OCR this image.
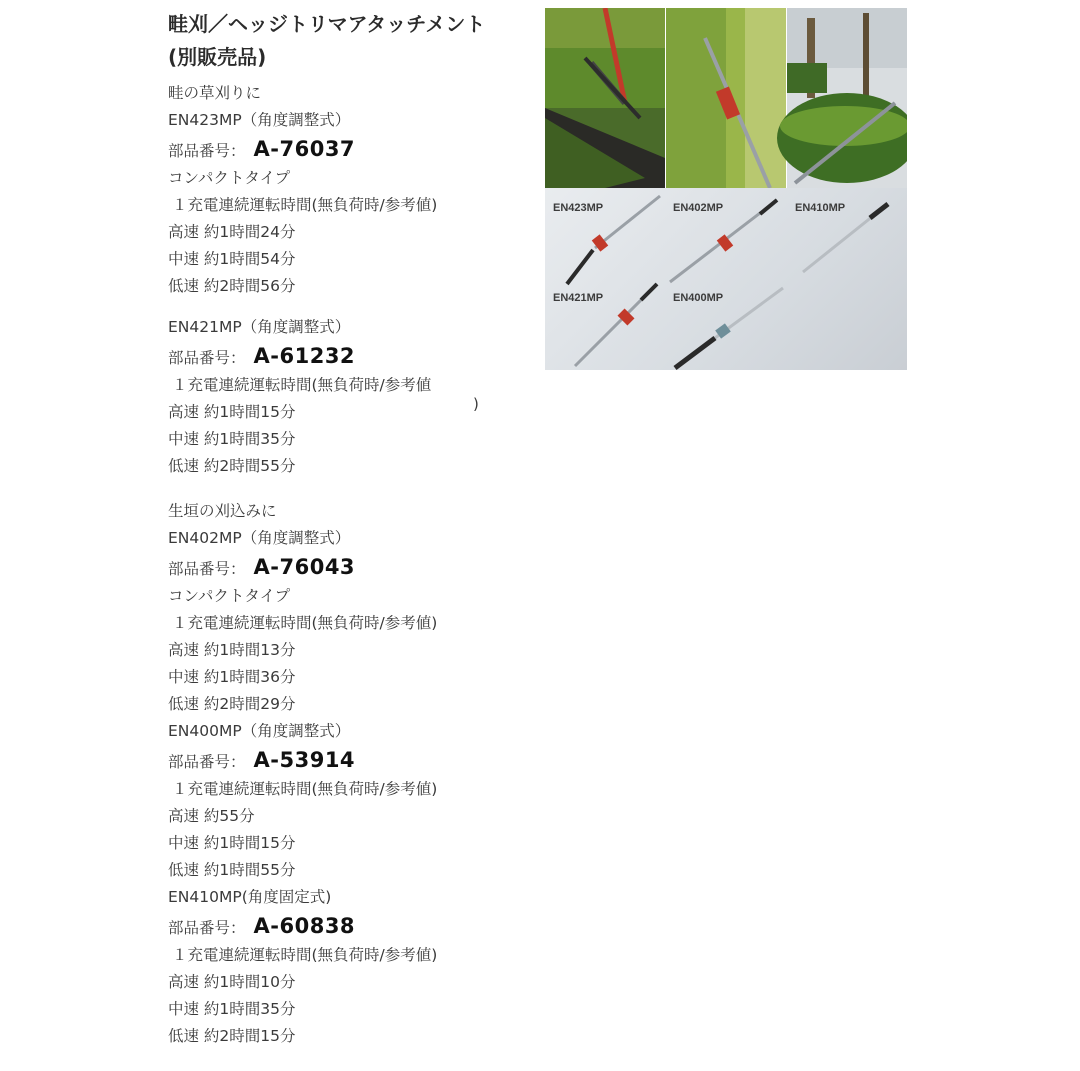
畦刈／ヘッジトリマアタッチメント
(別販売品)
畦の草刈りに
EN423MP（角度調整式）
部品番号： A-76037
コンパクトタイプ
１充電連続運転時間(無負荷時/参考値)
高速 約1時間24分
中速 約1時間54分
低速 約2時間56分
EN421MP（角度調整式）
部品番号： A-61232
１充電連続運転時間(無負荷時/参考値
高速 約1時間15分
中速 約1時間35分
低速 約2時間55分
生垣の刈込みに
EN402MP（角度調整式）
部品番号： A-76043
コンパクトタイプ
１充電連続運転時間(無負荷時/参考値)
高速 約1時間13分
中速 約1時間36分
低速 約2時間29分
EN400MP（角度調整式）
部品番号： A-53914
１充電連続運転時間(無負荷時/参考値)
高速 約55分
中速 約1時間15分
低速 約1時間55分
EN410MP(角度固定式)
部品番号： A-60838
１充電連続運転時間(無負荷時/参考値)
高速 約1時間10分
中速 約1時間35分
低速 約2時間15分
)
EN423MP	EN402MP	EN410MP
EN421MP	EN400MP
